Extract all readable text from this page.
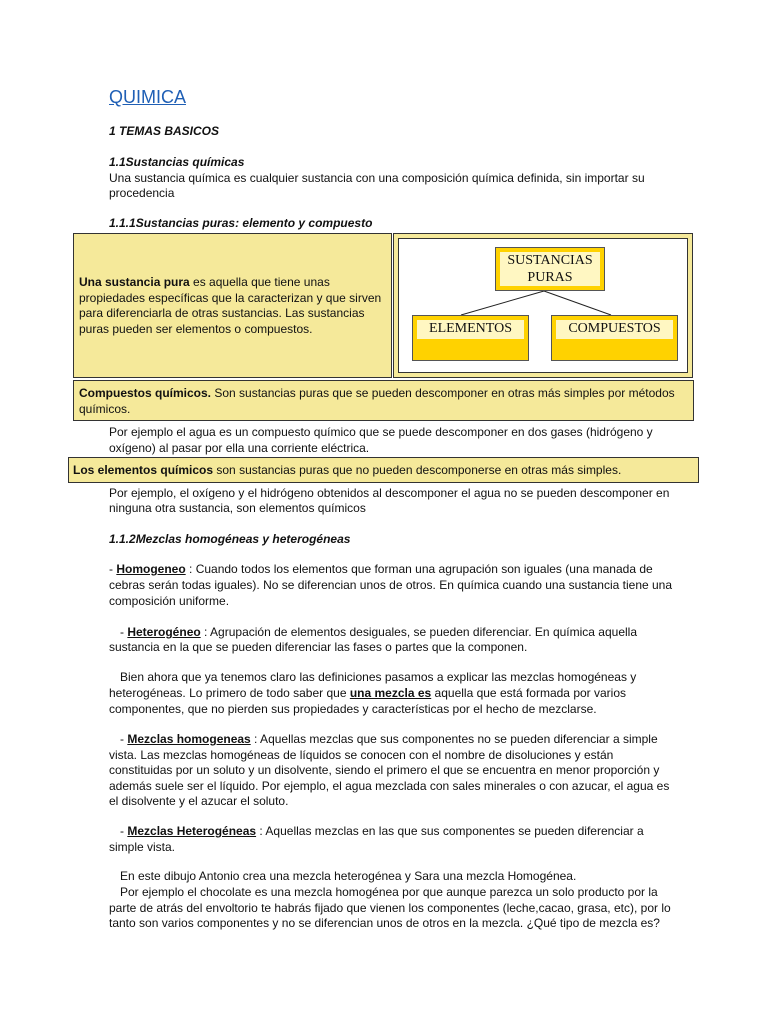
QUIMICA
1 TEMAS BASICOS
1.1Sustancias químicas
Una sustancia química es cualquier sustancia con una composición química definida, sin importar su
procedencia
1.1.1Sustancias puras: elemento y compuesto
Una sustancia pura es aquella que tiene unas
propiedades específicas que la caracterizan y que sirven
para diferenciarla de otras sustancias. Las sustancias
puras pueden ser elementos o compuestos.
SUSTANCIAS
PURAS
ELEMENTOS	COMPUESTOS
Compuestos químicos. Son sustancias puras que se pueden descomponer en otras más simples por métodos
químicos.
Por ejemplo el agua es un compuesto químico que se puede descomponer en dos gases (hidrógeno y
oxígeno) al pasar por ella una corriente eléctrica.
Los elementos químicos son sustancias puras que no pueden descomponerse en otras más simples.
Por ejemplo, el oxígeno y el hidrógeno obtenidos al descomponer el agua no se pueden descomponer en
ninguna otra sustancia, son elementos químicos
1.1.2Mezclas homogéneas y heterogéneas
- Homogeneo : Cuando todos los elementos que forman una agrupación son iguales (una manada de
cebras serán todas iguales). No se diferencian unos de otros. En química cuando una sustancia tiene una
composición uniforme.
- Heterogéneo : Agrupación de elementos desiguales, se pueden diferenciar. En química aquella
sustancia en la que se pueden diferenciar las fases o partes que la componen.
Bien ahora que ya tenemos claro las definiciones pasamos a explicar las mezclas homogéneas y
heterogéneas. Lo primero de todo saber que una mezcla es aquella que está formada por varios
componentes, que no pierden sus propiedades y características por el hecho de mezclarse.
- Mezclas homogeneas : Aquellas mezclas que sus componentes no se pueden diferenciar a simple
vista. Las mezclas homogéneas de líquidos se conocen con el nombre de disoluciones y están
constituidas por un soluto y un disolvente, siendo el primero el que se encuentra en menor proporción y
además suele ser el líquido. Por ejemplo, el agua mezclada con sales minerales o con azucar, el agua es
el disolvente y el azucar el soluto.
- Mezclas Heterogéneas : Aquellas mezclas en las que sus componentes se pueden diferenciar a
simple vista.
En este dibujo Antonio crea una mezcla heterogénea y Sara una mezcla Homogénea.
Por ejemplo el chocolate es una mezcla homogénea por que aunque parezca un solo producto por la
parte de atrás del envoltorio te habrás fijado que vienen los componentes (leche,cacao, grasa, etc), por lo
tanto son varios componentes y no se diferencian unos de otros en la mezcla. ¿Qué tipo de mezcla es?
